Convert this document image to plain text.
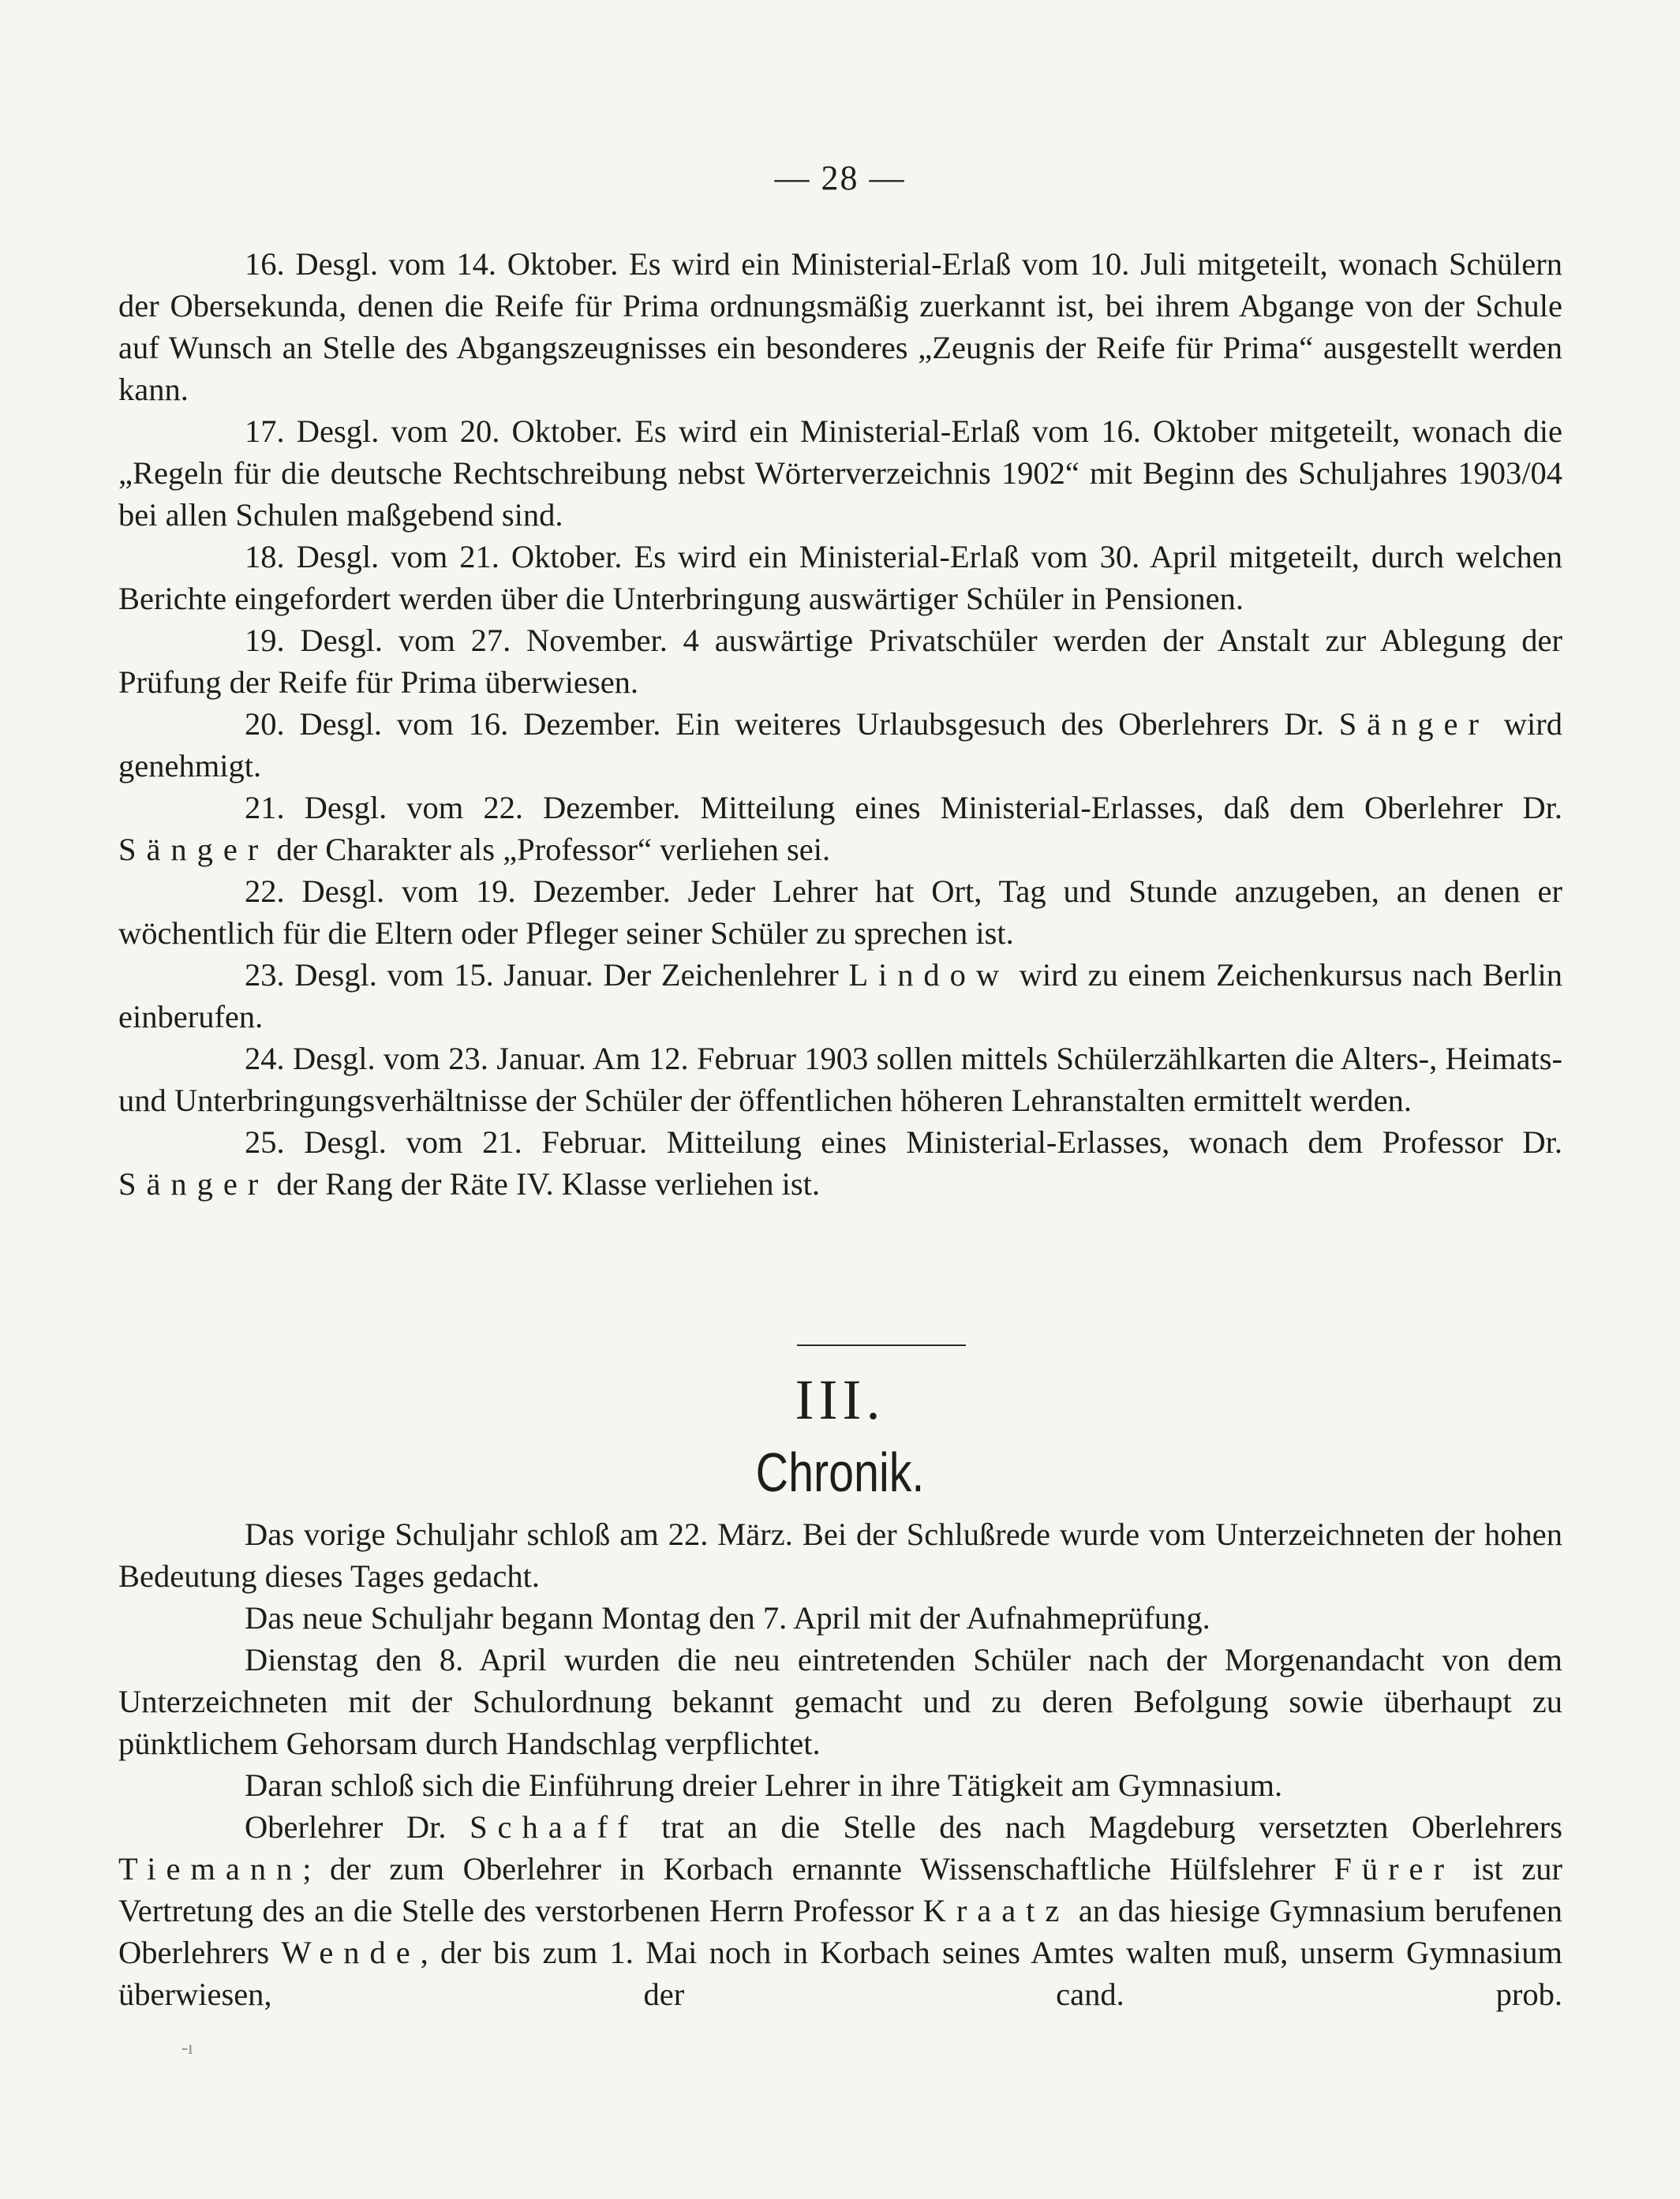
— 28 —

16. Desgl. vom 14. Oktober. Es wird ein Ministerial-Erlaß vom 10. Juli mitgeteilt, wonach Schülern der Obersekunda, denen die Reife für Prima ordnungsmäßig zuerkannt ist, bei ihrem Abgange von der Schule auf Wunsch an Stelle des Abgangszeugnisses ein besonderes „Zeugnis der Reife für Prima“ ausgestellt werden kann.

17. Desgl. vom 20. Oktober. Es wird ein Ministerial-Erlaß vom 16. Oktober mitgeteilt, wonach die „Regeln für die deutsche Rechtschreibung nebst Wörterverzeichnis 1902“ mit Beginn des Schuljahres 1903/04 bei allen Schulen maßgebend sind.

18. Desgl. vom 21. Oktober. Es wird ein Ministerial-Erlaß vom 30. April mitgeteilt, durch welchen Berichte eingefordert werden über die Unterbringung auswärtiger Schüler in Pensionen.

19. Desgl. vom 27. November. 4 auswärtige Privatschüler werden der Anstalt zur Ablegung der Prüfung der Reife für Prima überwiesen.

20. Desgl. vom 16. Dezember. Ein weiteres Urlaubsgesuch des Oberlehrers Dr. Sänger wird genehmigt.

21. Desgl. vom 22. Dezember. Mitteilung eines Ministerial-Erlasses, daß dem Oberlehrer Dr. Sänger der Charakter als „Professor“ verliehen sei.

22. Desgl. vom 19. Dezember. Jeder Lehrer hat Ort, Tag und Stunde anzugeben, an denen er wöchentlich für die Eltern oder Pfleger seiner Schüler zu sprechen ist.

23. Desgl. vom 15. Januar. Der Zeichenlehrer Lindow wird zu einem Zeichenkursus nach Berlin einberufen.

24. Desgl. vom 23. Januar. Am 12. Februar 1903 sollen mittels Schülerzählkarten die Alters-, Heimats- und Unterbringungsverhältnisse der Schüler der öffentlichen höheren Lehranstalten ermittelt werden.

25. Desgl. vom 21. Februar. Mitteilung eines Ministerial-Erlasses, wonach dem Professor Dr. Sänger der Rang der Räte IV. Klasse verliehen ist.

III.
Chronik.

Das vorige Schuljahr schloß am 22. März. Bei der Schlußrede wurde vom Unterzeichneten der hohen Bedeutung dieses Tages gedacht.

Das neue Schuljahr begann Montag den 7. April mit der Aufnahmeprüfung.

Dienstag den 8. April wurden die neu eintretenden Schüler nach der Morgenandacht von dem Unterzeichneten mit der Schulordnung bekannt gemacht und zu deren Befolgung sowie überhaupt zu pünktlichem Gehorsam durch Handschlag verpflichtet.

Daran schloß sich die Einführung dreier Lehrer in ihre Tätigkeit am Gymnasium.

Oberlehrer Dr. Schaaff trat an die Stelle des nach Magdeburg versetzten Oberlehrers Tiemann; der zum Oberlehrer in Korbach ernannte Wissenschaftliche Hülfslehrer Fürer ist zur Vertretung des an die Stelle des verstorbenen Herrn Professor Kraatz an das hiesige Gymnasium berufenen Oberlehrers Wende, der bis zum 1. Mai noch in Korbach seines Amtes walten muß, unserm Gymnasium überwiesen, der cand. prob.

-ı
